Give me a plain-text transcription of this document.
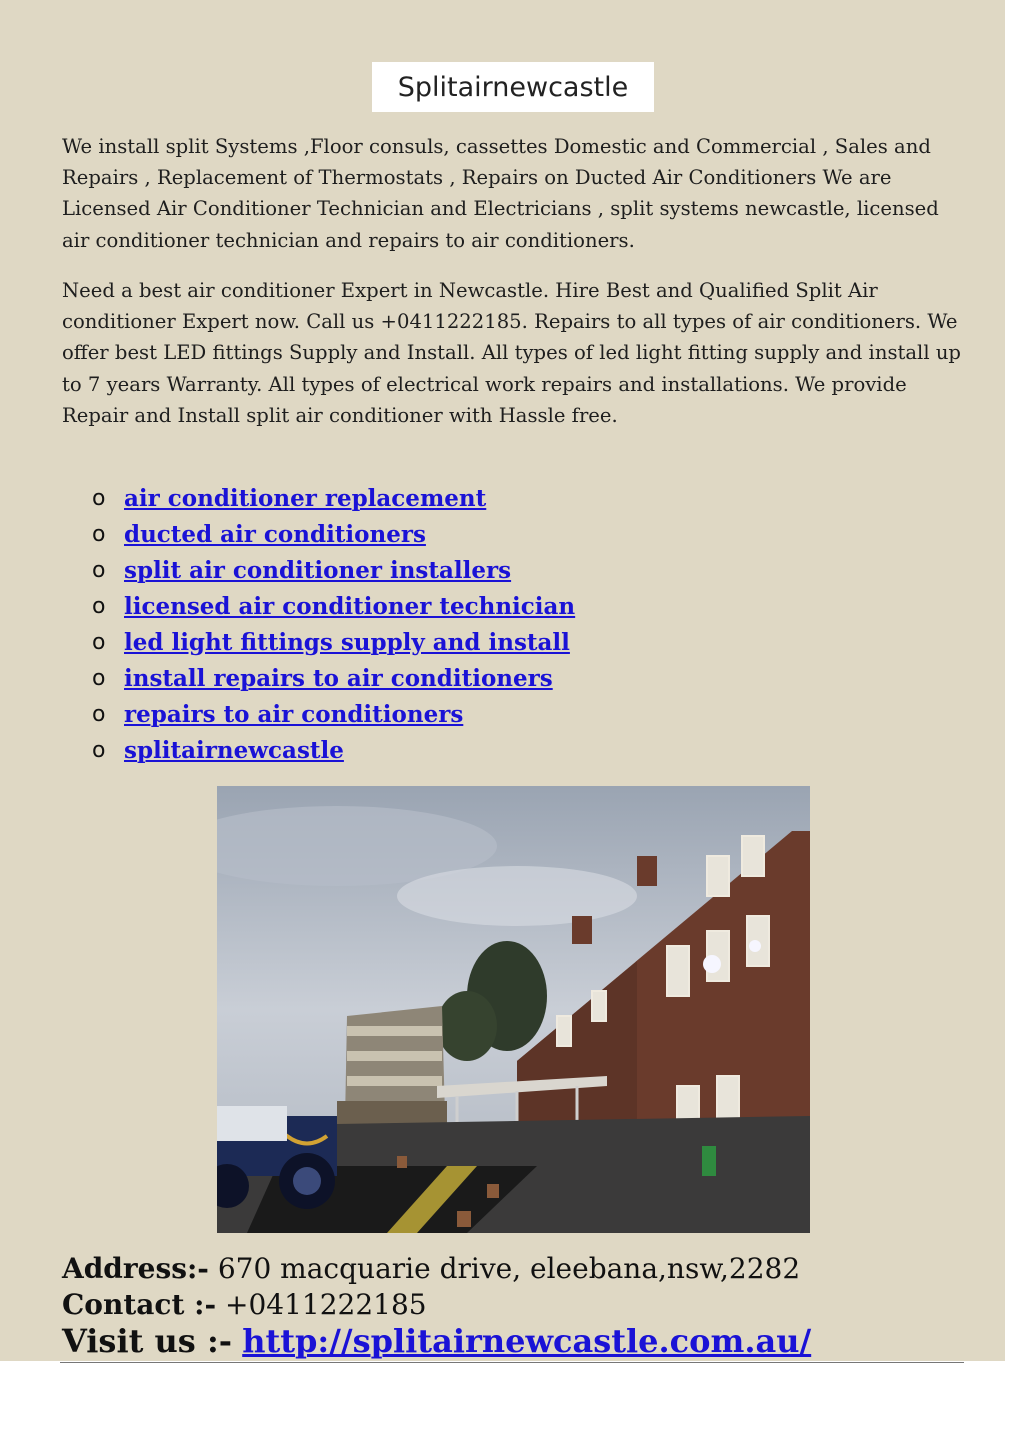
Splitairnewcastle

We install split Systems ,Floor consuls, cassettes Domestic and Commercial , Sales and Repairs , Replacement of Thermostats , Repairs on Ducted Air Conditioners We are Licensed Air Conditioner Technician and Electricians , split systems newcastle, licensed air conditioner technician and repairs to air conditioners.

Need a best air conditioner Expert in Newcastle. Hire Best and Qualified Split Air conditioner Expert now. Call us +0411222185. Repairs to all types of air conditioners. We offer best LED fittings Supply and Install. All types of led light fitting supply and install up to 7 years Warranty. All types of electrical work repairs and installations. We provide Repair and Install split air conditioner with Hassle free.

o air conditioner replacement
o ducted air conditioners
o split air conditioner installers
o licensed air conditioner technician
o led light fittings supply and install
o install repairs to air conditioners
o repairs to air conditioners
o splitairnewcastle

Address:- 670 macquarie drive, eleebana,nsw,2282

Contact :- +0411222185

Visit us :- http://splitairnewcastle.com.au/
